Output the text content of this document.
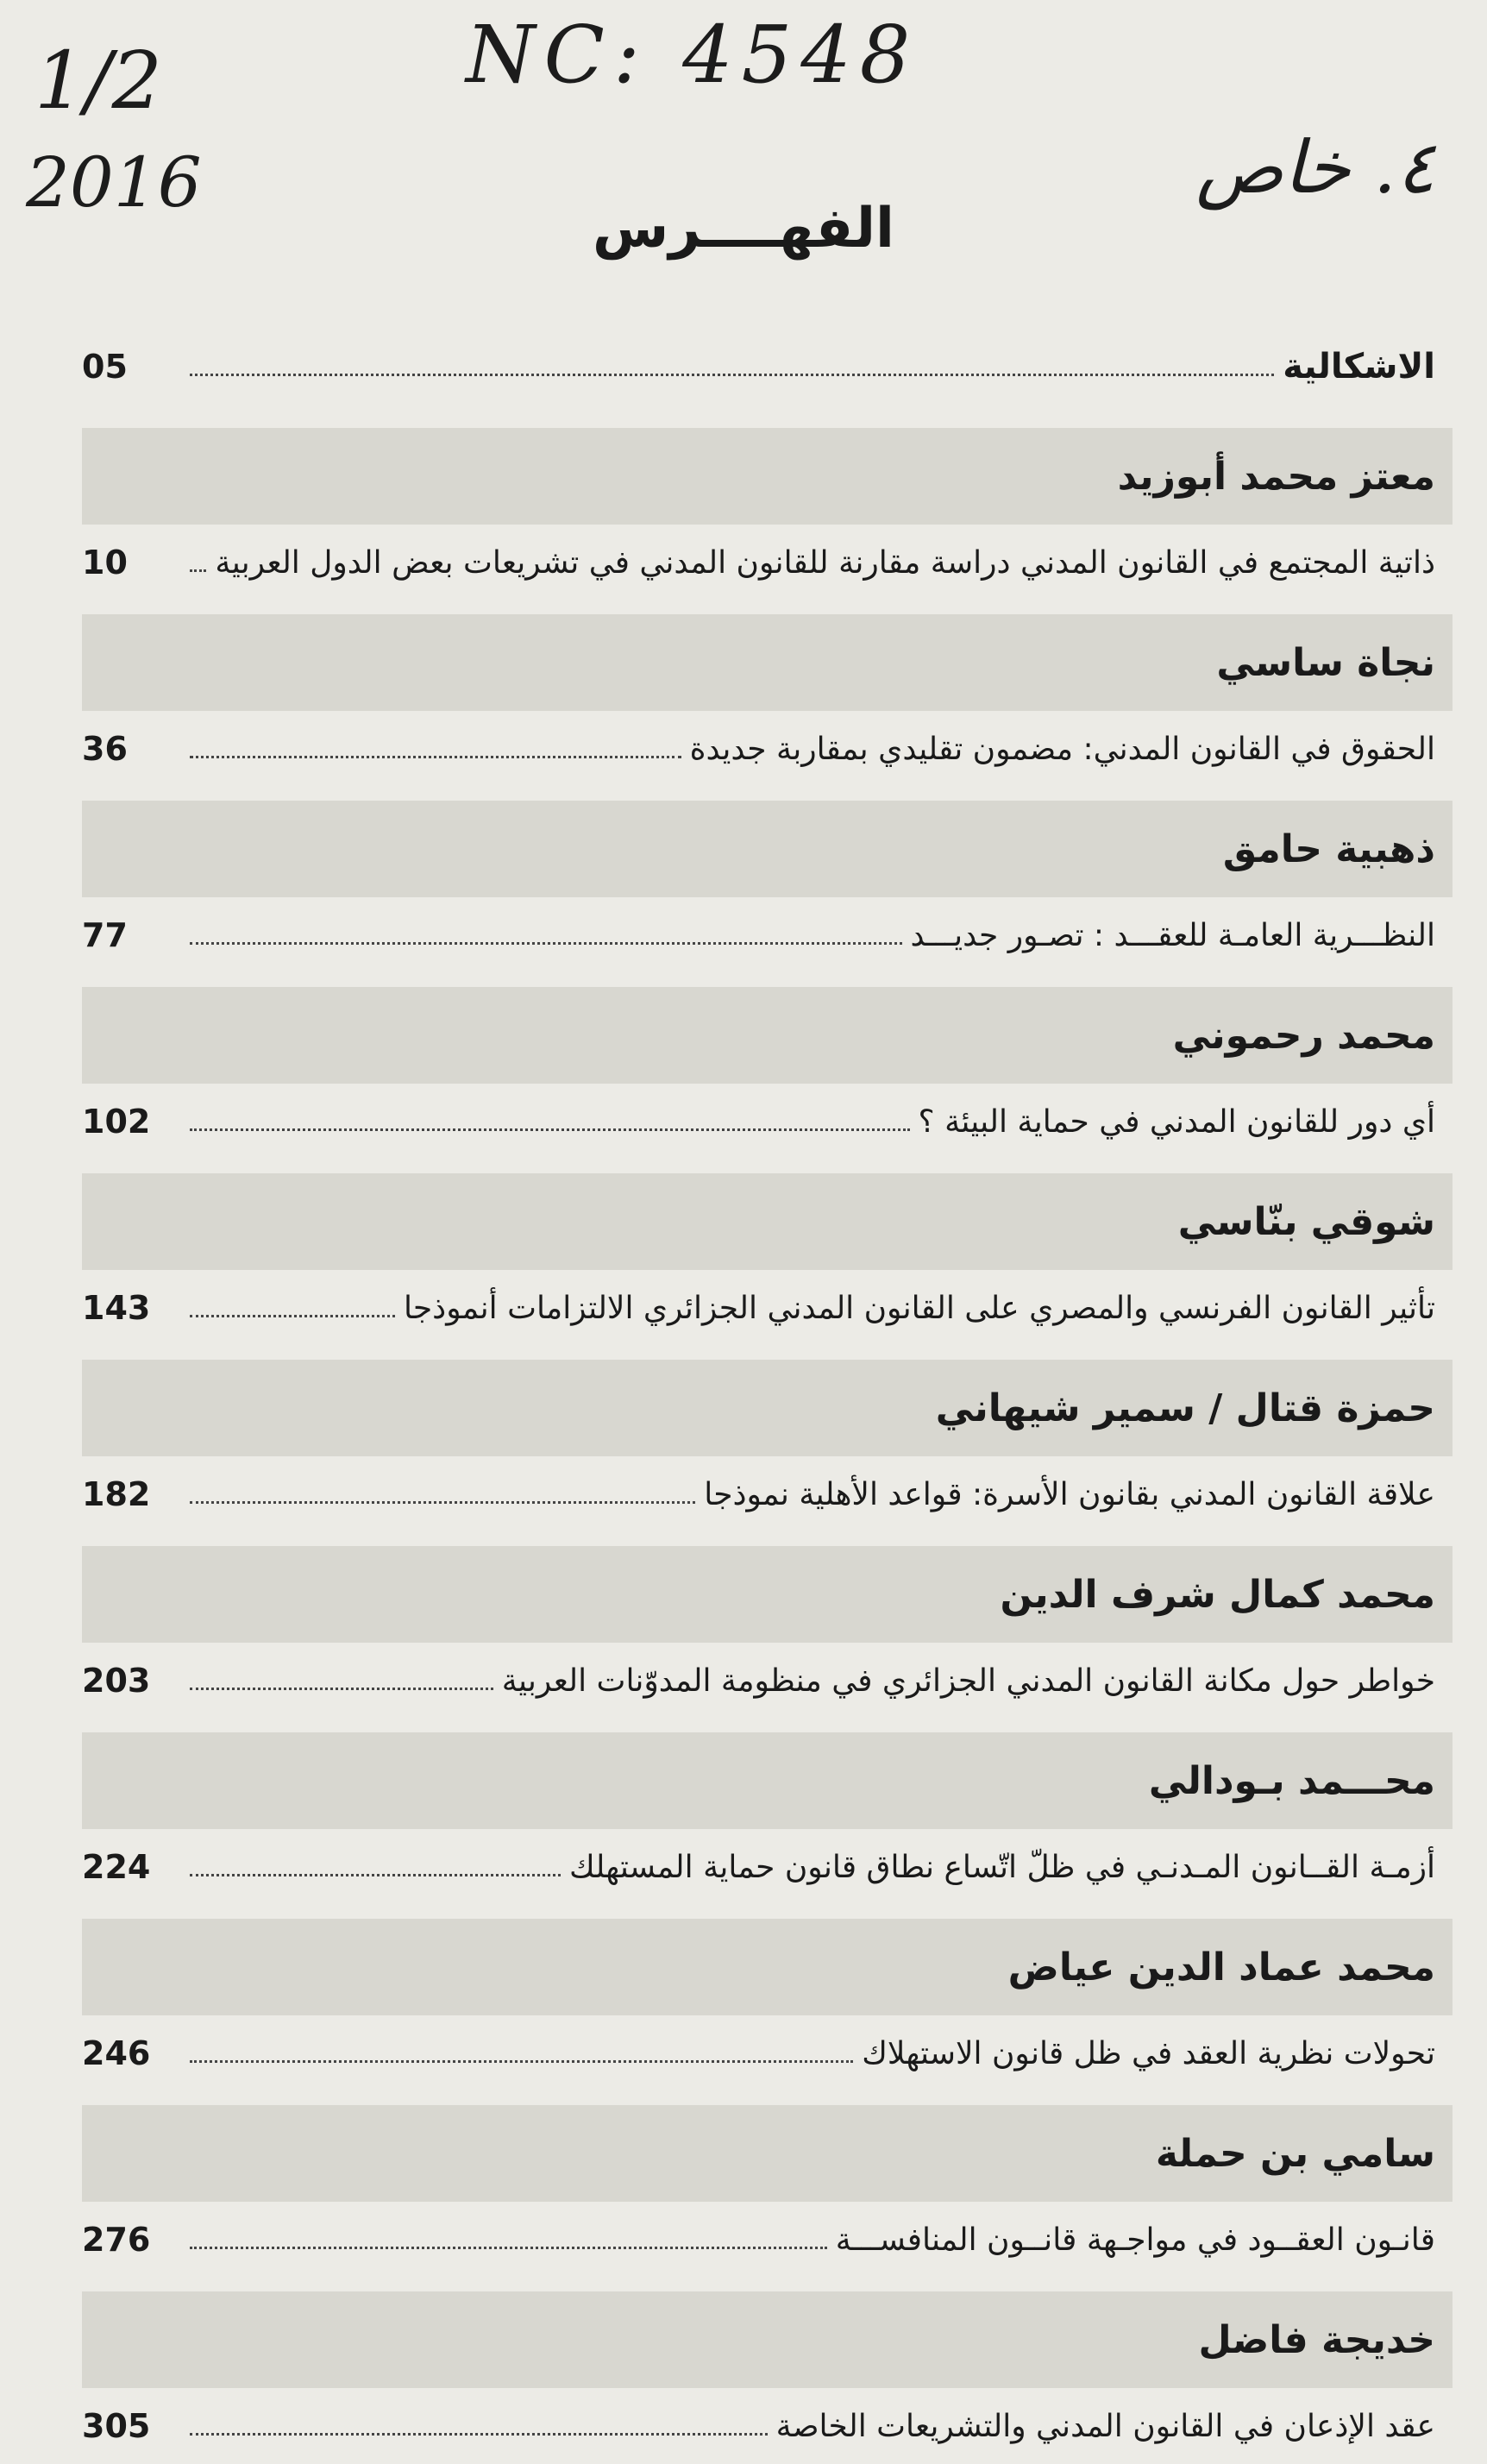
1/2
2016
NC: 4548
٤. خاص
الفهــــرس
الاشكالية
05
معتز محمد أبوزيد
ذاتية المجتمع في القانون المدني دراسة مقارنة للقانون المدني في تشريعات بعض الدول العربية
10
نجاة ساسي
الحقوق في القانون المدني: مضمون تقليدي بمقاربة جديدة
36
ذهبية حامق
النظـــرية العامـة للعقـــد : تصـور جديـــد
77
محمد رحموني
أي دور للقانون المدني في حماية البيئة ؟
102
شوقي بنّاسي
تأثير القانون الفرنسي والمصري على القانون المدني الجزائري الالتزامات أنموذجا
143
حمزة قتال / سمير شيهاني
علاقة القانون المدني بقانون الأسرة: قواعد الأهلية نموذجا
182
محمد كمال شرف الدين
خواطر حول مكانة القانون المدني الجزائري في منظومة المدوّنات العربية
203
محـــمد بـودالي
أزمـة القــانون المـدنـي في ظلّ اتّساع نطاق قانون حماية المستهلك
224
محمد عماد الدين عياض
تحولات نظرية العقد في ظل قانون الاستهلاك
246
سامي بن حملة
قانـون العقــود في مواجـهة قانــون المنافســـة
276
خديجة فاضل
عقد الإذعان في القانون المدني والتشريعات الخاصة
305
